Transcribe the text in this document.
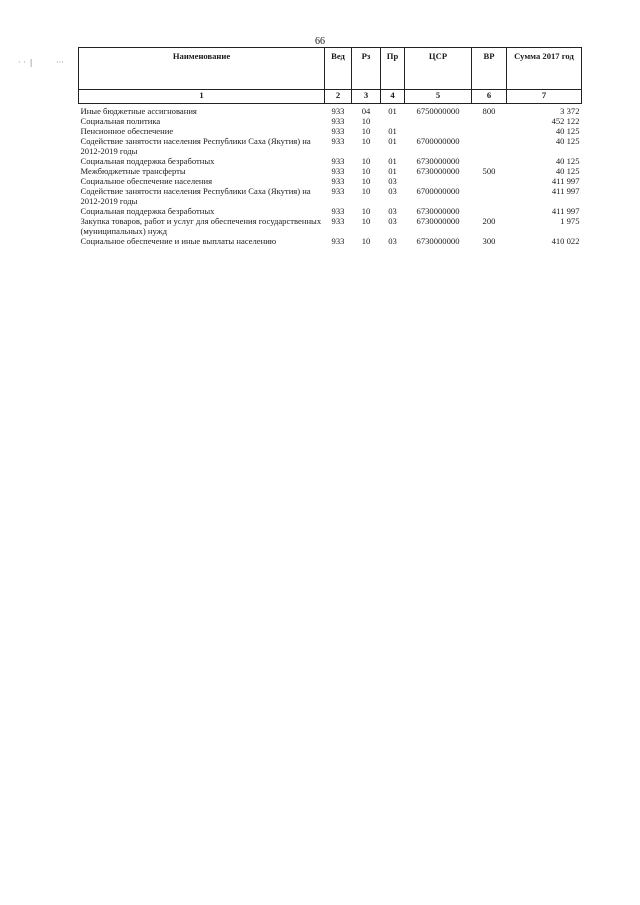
66
Наименование	Вед	Рз	Пр	ЦСР	ВР	Сумма 2017 год
1	2	3	4	5	6	7
Иные бюджетные ассигнования	933	04	01	6750000000	800	3 372
Социальная политика	933	10				452 122
Пенсионное обеспечение	933	10	01			40 125
Содействие занятости населения Республики Саха (Якутия) на 2012-2019 годы	933	10	01	6700000000		40 125
Социальная поддержка безработных	933	10	01	6730000000		40 125
Межбюджетные трансферты	933	10	01	6730000000	500	40 125
Социальное обеспечение населения	933	10	03			411 997
Содействие занятости населения Республики Саха (Якутия) на 2012-2019 годы	933	10	03	6700000000		411 997
Социальная поддержка безработных	933	10	03	6730000000		411 997
Закупка товаров, работ и услуг для обеспечения государственных (муниципальных) нужд	933	10	03	6730000000	200	1 975
Социальное обеспечение и иные выплаты населению	933	10	03	6730000000	300	410 022
· ·  |	···
